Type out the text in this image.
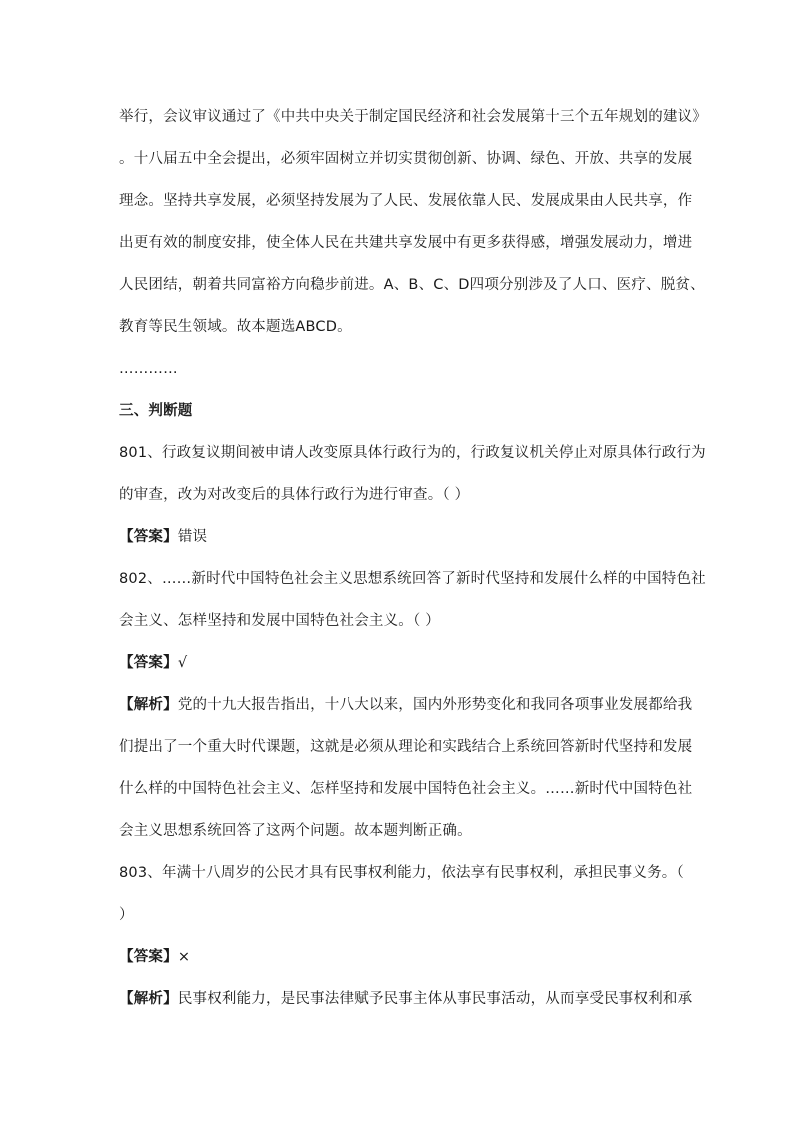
举行，会议审议通过了《中共中央关于制定国民经济和社会发展第十三个五年规划的建议》
。十八届五中全会提出，必须牢固树立并切实贯彻创新、协调、绿色、开放、共享的发展
理念。坚持共享发展，必须坚持发展为了人民、发展依靠人民、发展成果由人民共享，作
出更有效的制度安排，使全体人民在共建共享发展中有更多获得感，增强发展动力，增进
人民团结，朝着共同富裕方向稳步前进。A、B、C、D四项分别涉及了人口、医疗、脱贫、
教育等民生领域。故本题选ABCD。
…………
三、判断题
801、行政复议期间被申请人改变原具体行政行为的，行政复议机关停止对原具体行政行为
的审查，改为对改变后的具体行政行为进行审查。（ ）
【答案】错误
802、……新时代中国特色社会主义思想系统回答了新时代坚持和发展什么样的中国特色社
会主义、怎样坚持和发展中国特色社会主义。（ ）
【答案】√
【解析】党的十九大报告指出，十八大以来，国内外形势变化和我同各项事业发展都给我
们提出了一个重大时代课题，这就是必须从理论和实践结合上系统回答新时代坚持和发展
什么样的中国特色社会主义、怎样坚持和发展中国特色社会主义。……新时代中国特色社
会主义思想系统回答了这两个问题。故本题判断正确。
803、年满十八周岁的公民才具有民事权利能力，依法享有民事权利，承担民事义务。（
）
【答案】×
【解析】民事权利能力，是民事法律赋予民事主体从事民事活动，从而享受民事权利和承
